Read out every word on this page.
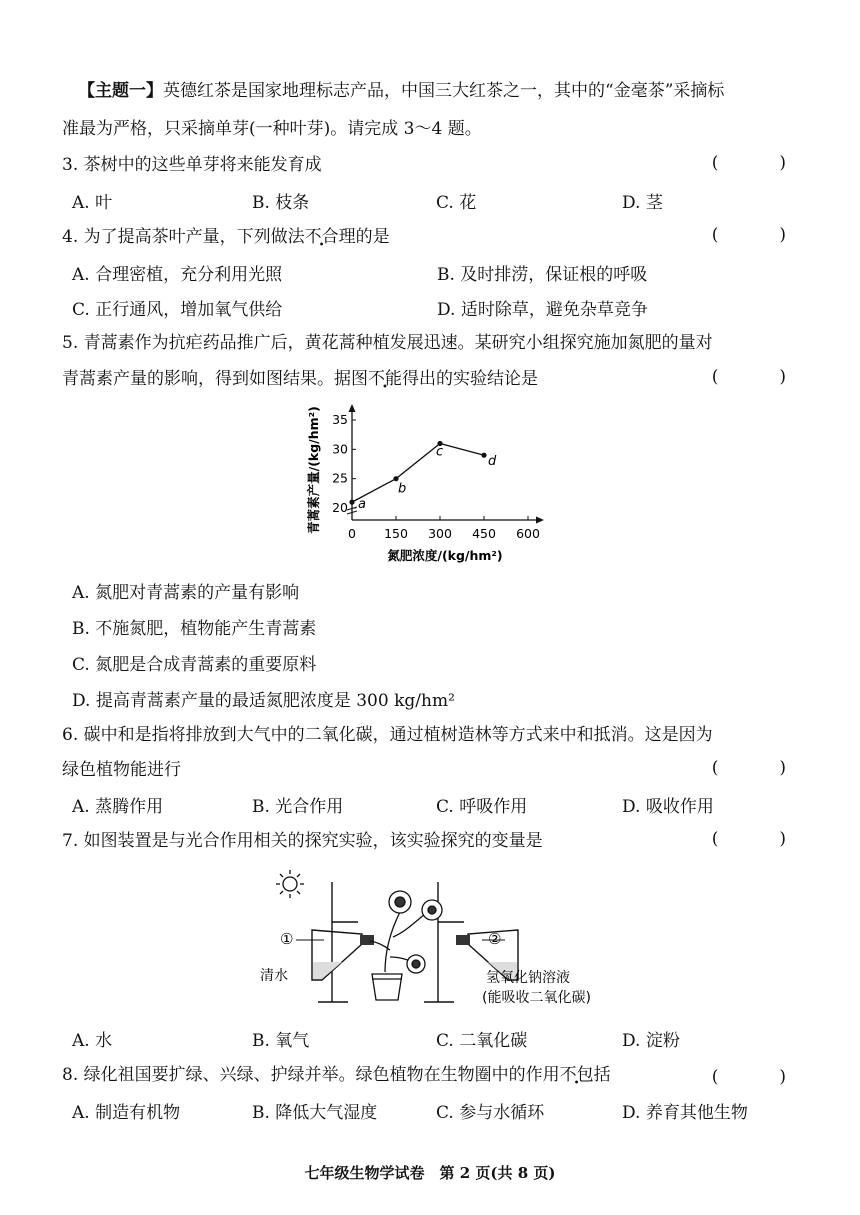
【主题一】英德红茶是国家地理标志产品，中国三大红茶之一，其中的“金毫茶”采摘标
准最为严格，只采摘单芽(一种叶芽)。请完成 3～4 题。
3. 茶树中的这些单芽将来能发育成	(　)
A. 叶	B. 枝条	C. 花	D. 茎
4. 为了提高茶叶产量，下列做法不合理的是	(　)
A. 合理密植，充分利用光照	B. 及时排涝，保证根的呼吸
C. 正行通风，增加氧气供给	D. 适时除草，避免杂草竞争
5. 青蒿素作为抗疟药品推广后，黄花蒿种植发展迅速。某研究小组探究施加氮肥的量对
青蒿素产量的影响，得到如图结果。据图不能得出的实验结论是	(　)
青蒿素产量/(kg/hm²)
氮肥浓度/(kg/hm²)
0 150 300 450 600
20
25
30
35
a
b
c
d
A. 氮肥对青蒿素的产量有影响
B. 不施氮肥，植物能产生青蒿素
C. 氮肥是合成青蒿素的重要原料
D. 提高青蒿素产量的最适氮肥浓度是 300 kg/hm²
6. 碳中和是指将排放到大气中的二氧化碳，通过植树造林等方式来中和抵消。这是因为
绿色植物能进行	(　)
A. 蒸腾作用	B. 光合作用	C. 呼吸作用	D. 吸收作用
7. 如图装置是与光合作用相关的探究实验，该实验探究的变量是	(　)
①	②
清水	氢氧化钠溶液
(能吸收二氧化碳)
A. 水	B. 氧气	C. 二氧化碳	D. 淀粉
8. 绿化祖国要扩绿、兴绿、护绿并举。绿色植物在生物圈中的作用不包括	(　)
A. 制造有机物	B. 降低大气湿度	C. 参与水循环	D. 养育其他生物
七年级生物学试卷　第 2 页(共 8 页)
